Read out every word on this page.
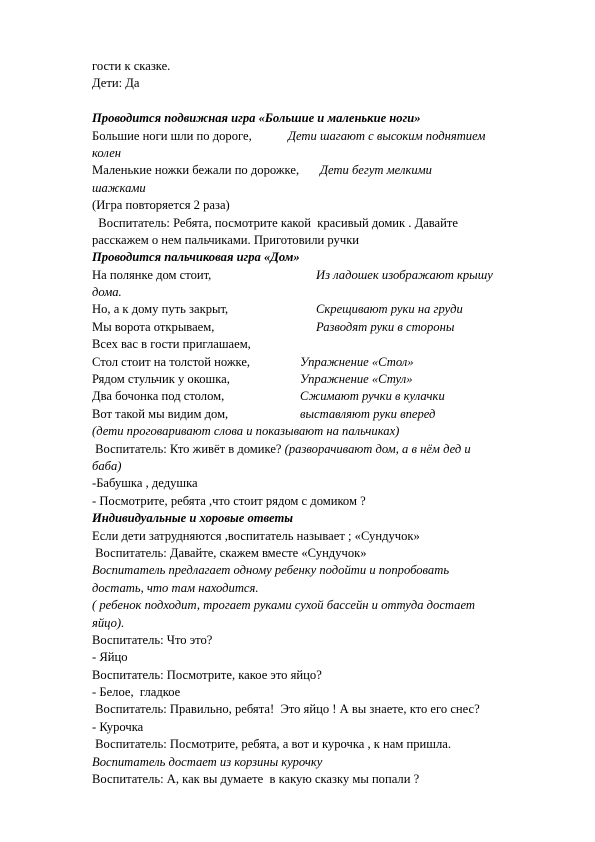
гости к сказке.
Дети: Да
Проводится подвижная игра «Большие и маленькие ноги»
Большие ноги шли по дороге,	Дети шагают с высоким поднятием
колен
Маленькие ножки бежали по дорожке, Дети бегут мелкими
шажками
(Игра повторяется 2 раза)
Воспитатель: Ребята, посмотрите какой  красивый домик . Давайте
расскажем о нем пальчиками. Приготовили ручки
Проводится пальчиковая игра «Дом»
На полянке дом стоит,	Из ладошек изображают крышу
дома.
Но, а к дому путь закрыт,	Скрещивают руки на груди
Мы ворота открываем,	Разводят руки в стороны
Всех вас в гости приглашаем,
Стол стоит на толстой ножке,	Упражнение «Стол»
Рядом стульчик у окошка,	Упражнение «Стул»
Два бочонка под столом,	Сжимают ручки в кулачки
Вот такой мы видим дом,	выставляют руки вперед
(дети проговаривают слова и показывают на пальчиках)
Воспитатель: Кто живёт в домике? (разворачивают дом, а в нём дед и
баба)
-Бабушка , дедушка
- Посмотрите, ребята ,что стоит рядом с домиком ?
Индивидуальные и хоровые ответы
Если дети затрудняются ,воспитатель называет ; «Сундучок»
Воспитатель: Давайте, скажем вместе «Сундучок»
Воспитатель предлагает одному ребенку подойти и попробовать
достать, что там находится.
( ребенок подходит, трогает руками сухой бассейн и оттуда достает
яйцо).
Воспитатель: Что это?
- Яйцо
Воспитатель: Посмотрите, какое это яйцо?
- Белое,  гладкое
Воспитатель: Правильно, ребята!  Это яйцо ! А вы знаете, кто его снес?
- Курочка
Воспитатель: Посмотрите, ребята, а вот и курочка , к нам пришла.
Воспитатель достает из корзины курочку
Воспитатель: А, как вы думаете  в какую сказку мы попали ?
